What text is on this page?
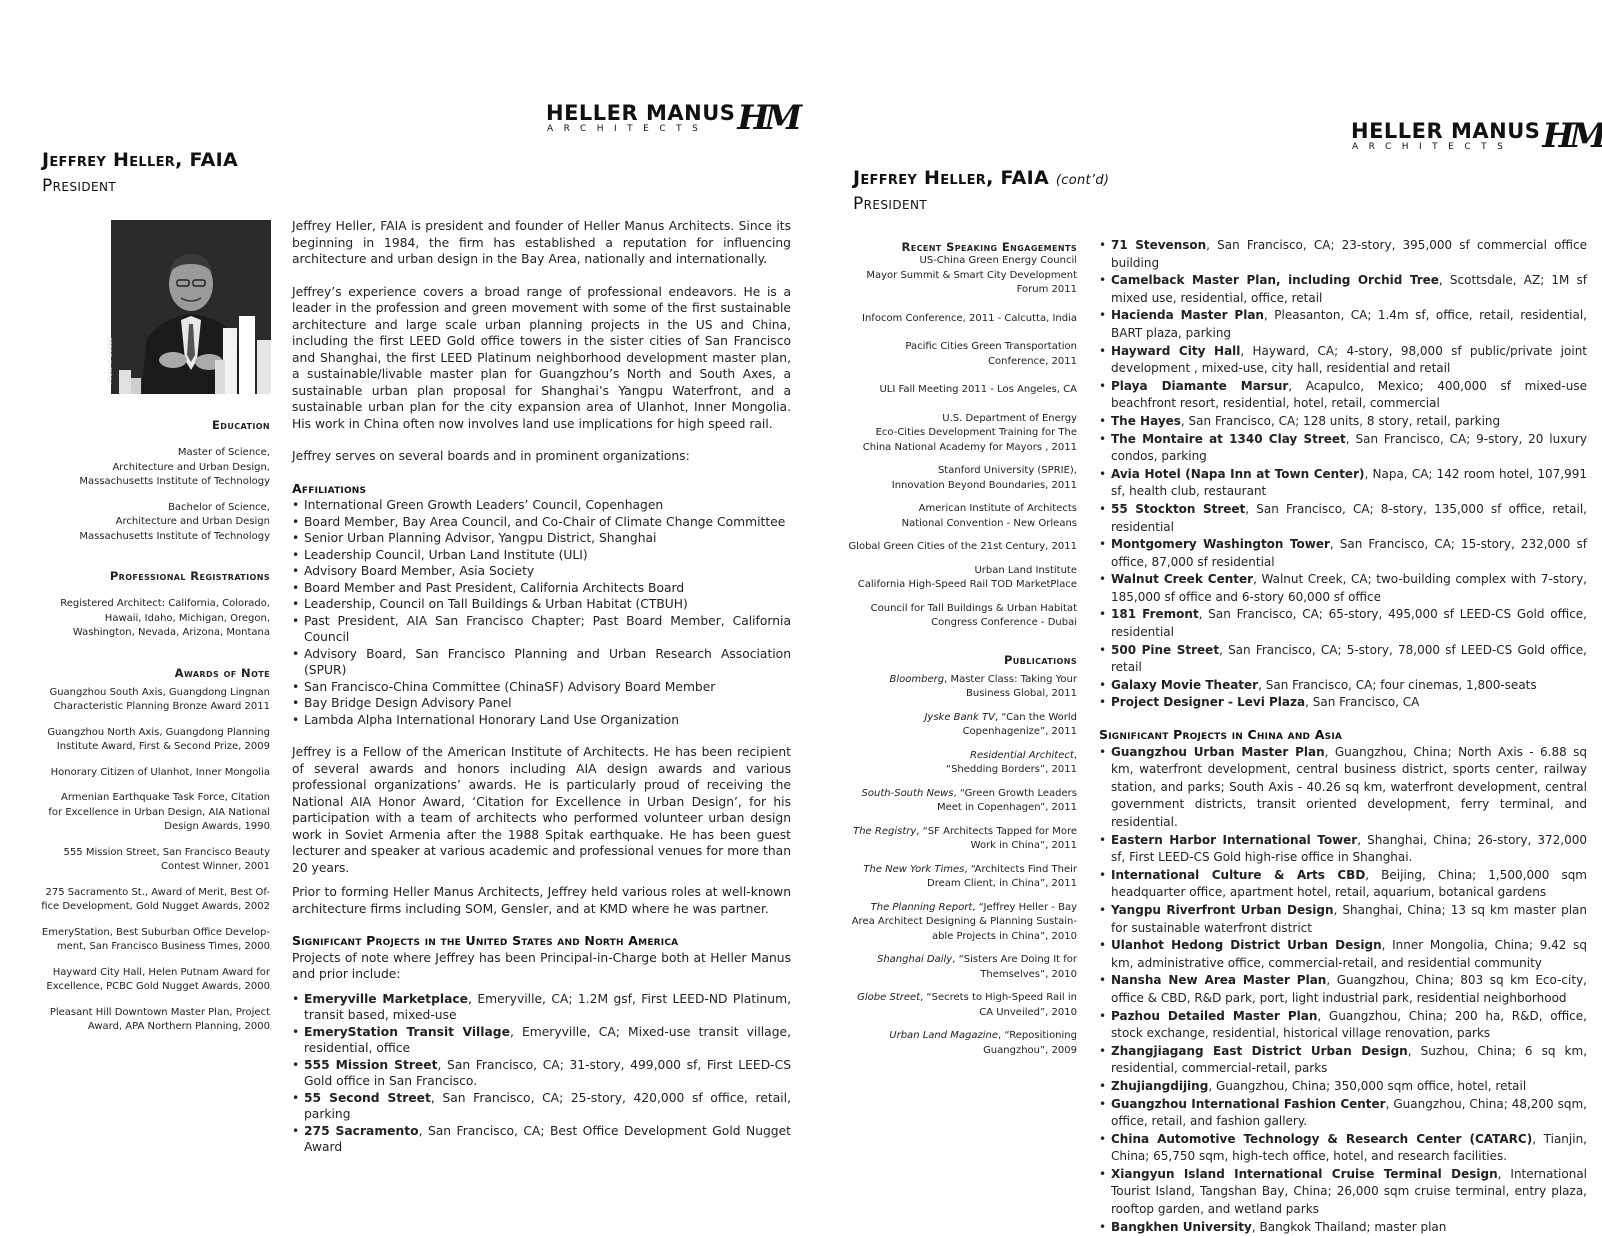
HELLER MANUS
ARCHITECTS HM
Jeffrey Heller, FAIA
President
Photo © Deddo
Education
Master of Science,
Architecture and Urban Design,
Massachusetts Institute of Technology
Bachelor of Science,
Architecture and Urban Design
Massachusetts Institute of Technology
Professional Registrations
Registered Architect: California, Colorado,
Hawaii, Idaho, Michigan, Oregon,
Washington, Nevada, Arizona, Montana
Awards of Note
Guangzhou South Axis, Guangdong Lingnan
Characteristic Planning Bronze Award 2011
Guangzhou North Axis, Guangdong Planning
Institute Award, First & Second Prize, 2009
Honorary Citizen of Ulanhot, Inner Mongolia
Armenian Earthquake Task Force, Citation
for Excellence in Urban Design, AIA National
Design Awards, 1990
555 Mission Street, San Francisco Beauty
Contest Winner, 2001
275 Sacramento St., Award of Merit, Best Of-
fice Development, Gold Nugget Awards, 2002
EmeryStation, Best Suburban Office Develop-
ment, San Francisco Business Times, 2000
Hayward City Hall, Helen Putnam Award for
Excellence, PCBC Gold Nugget Awards, 2000
Pleasant Hill Downtown Master Plan, Project
Award, APA Northern Planning, 2000

Jeffrey Heller, FAIA is president and founder of Heller Manus Architects. Since its beginning in 1984, the firm has established a reputation for influencing architecture and urban design in the Bay Area, nationally and internationally.

Jeffrey’s experience covers a broad range of professional endeavors. He is a leader in the profession and green movement with some of the first sustainable architecture and large scale urban planning projects in the US and China, including the first LEED Gold office towers in the sister cities of San Francisco and Shanghai, the first LEED Platinum neighborhood development master plan, a sustainable/livable master plan for Guangzhou’s North and South Axes, a sustainable urban plan proposal for Shanghai’s Yangpu Waterfront, and a sustainable urban plan for the city expansion area of Ulanhot, Inner Mongolia. His work in China often now involves land use implications for high speed rail.

Jeffrey serves on several boards and in prominent organizations:

Affiliations
• International Green Growth Leaders’ Council, Copenhagen
• Board Member, Bay Area Council, and Co-Chair of Climate Change Committee
• Senior Urban Planning Advisor, Yangpu District, Shanghai
• Leadership Council, Urban Land Institute (ULI)
• Advisory Board Member, Asia Society
• Board Member and Past President, California Architects Board
• Leadership, Council on Tall Buildings & Urban Habitat (CTBUH)
• Past President, AIA San Francisco Chapter; Past Board Member, California Council
• Advisory Board, San Francisco Planning and Urban Research Association (SPUR)
• San Francisco-China Committee (ChinaSF) Advisory Board Member
• Bay Bridge Design Advisory Panel
• Lambda Alpha International Honorary Land Use Organization

Jeffrey is a Fellow of the American Institute of Architects. He has been recipient of several awards and honors including AIA design awards and various professional organizations’ awards. He is particularly proud of receiving the National AIA Honor Award, ‘Citation for Excellence in Urban Design’, for his participation with a team of architects who performed volunteer urban design work in Soviet Armenia after the 1988 Spitak earthquake. He has been guest lecturer and speaker at various academic and professional venues for more than 20 years.

Prior to forming Heller Manus Architects, Jeffrey held various roles at well-known architecture firms including SOM, Gensler, and at KMD where he was partner.

Significant Projects in the United States and North America

Projects of note where Jeffrey has been Principal-in-Charge both at Heller Manus and prior include:

• Emeryville Marketplace, Emeryville, CA; 1.2M gsf, First LEED-ND Platinum, transit based, mixed-use
• EmeryStation Transit Village, Emeryville, CA; Mixed-use transit village, residential, office
• 555 Mission Street, San Francisco, CA; 31-story, 499,000 sf, First LEED-CS Gold office in San Francisco.
• 55 Second Street, San Francisco, CA; 25-story, 420,000 sf office, retail, parking
• 275 Sacramento, San Francisco, CA; Best Office Development Gold Nugget Award
HELLER MANUS
ARCHITECTS HM
Jeffrey Heller, FAIA (cont’d)
President
Recent Speaking Engagements
US-China Green Energy Council
Mayor Summit & Smart City Development
Forum 2011
Infocom Conference, 2011 - Calcutta, India
Pacific Cities Green Transportation
Conference, 2011
ULI Fall Meeting 2011 - Los Angeles, CA
U.S. Department of Energy
Eco-Cities Development Training for The
China National Academy for Mayors , 2011
Stanford University (SPRIE),
Innovation Beyond Boundaries, 2011
American Institute of Architects
National Convention - New Orleans
Global Green Cities of the 21st Century, 2011
Urban Land Institute
California High-Speed Rail TOD MarketPlace
Council for Tall Buildings & Urban Habitat
Congress Conference - Dubai
Publications
Bloomberg, Master Class: Taking Your
Business Global, 2011
Jyske Bank TV, “Can the World
Copenhagenize”, 2011
Residential Architect,
“Shedding Borders”, 2011
South-South News, “Green Growth Leaders
Meet in Copenhagen”, 2011
The Registry, “SF Architects Tapped for More
Work in China”, 2011
The New York Times, “Architects Find Their
Dream Client, in China”, 2011
The Planning Report, “Jeffrey Heller - Bay
Area Architect Designing & Planning Sustain-
able Projects in China”, 2010
Shanghai Daily, “Sisters Are Doing It for
Themselves”, 2010
Globe Street, “Secrets to High-Speed Rail in
CA Unveiled”, 2010
Urban Land Magazine, “Repositioning
Guangzhou”, 2009
• 71 Stevenson, San Francisco, CA; 23-story, 395,000 sf commercial office building
• Camelback Master Plan, including Orchid Tree, Scottsdale, AZ; 1M sf mixed use, residential, office, retail
• Hacienda Master Plan, Pleasanton, CA; 1.4m sf, office, retail, residential, BART plaza, parking
• Hayward City Hall, Hayward, CA; 4-story, 98,000 sf public/private joint development , mixed-use, city hall, residential and retail
• Playa Diamante Marsur, Acapulco, Mexico; 400,000 sf mixed-use beachfront resort, residential, hotel, retail, commercial
• The Hayes, San Francisco, CA; 128 units, 8 story, retail, parking
• The Montaire at 1340 Clay Street, San Francisco, CA; 9-story, 20 luxury condos, parking
• Avia Hotel (Napa Inn at Town Center), Napa, CA; 142 room hotel, 107,991 sf, health club, restaurant
• 55 Stockton Street, San Francisco, CA; 8-story, 135,000 sf office, retail, residential
• Montgomery Washington Tower, San Francisco, CA; 15-story, 232,000 sf office, 87,000 sf residential
• Walnut Creek Center, Walnut Creek, CA; two-building complex with 7-story, 185,000 sf office and 6-story 60,000 sf office
• 181 Fremont, San Francisco, CA; 65-story, 495,000 sf LEED-CS Gold office, residential
• 500 Pine Street, San Francisco, CA; 5-story, 78,000 sf LEED-CS Gold office, retail
• Galaxy Movie Theater, San Francisco, CA; four cinemas, 1,800-seats
• Project Designer - Levi Plaza, San Francisco, CA
Significant Projects in China and Asia
• Guangzhou Urban Master Plan, Guangzhou, China; North Axis - 6.88 sq km, waterfront development, central business district, sports center, railway station, and parks; South Axis - 40.26 sq km, waterfront development, central government districts, transit oriented development, ferry terminal, and residential.
• Eastern Harbor International Tower, Shanghai, China; 26-story, 372,000 sf, First LEED-CS Gold high-rise office in Shanghai.
• International Culture & Arts CBD, Beijing, China; 1,500,000 sqm headquarter office, apartment hotel, retail, aquarium, botanical gardens
• Yangpu Riverfront Urban Design, Shanghai, China; 13 sq km master plan for sustainable waterfront district
• Ulanhot Hedong District Urban Design, Inner Mongolia, China; 9.42 sq km, administrative office, commercial-retail, and residential community
• Nansha New Area Master Plan, Guangzhou, China; 803 sq km Eco-city, office & CBD, R&D park, port, light industrial park, residential neighborhood
• Pazhou Detailed Master Plan, Guangzhou, China; 200 ha, R&D, office, stock exchange, residential, historical village renovation, parks
• Zhangjiagang East District Urban Design, Suzhou, China; 6 sq km, residential, commercial-retail, parks
• Zhujiangdijing, Guangzhou, China; 350,000 sqm office, hotel, retail
• Guangzhou International Fashion Center, Guangzhou, China; 48,200 sqm, office, retail, and fashion gallery.
• China Automotive Technology & Research Center (CATARC), Tianjin, China; 65,750 sqm, high-tech office, hotel, and research facilities.
• Xiangyun Island International Cruise Terminal Design, International Tourist Island, Tangshan Bay, China; 26,000 sqm cruise terminal, entry plaza, rooftop garden, and wetland parks
• Bangkhen University, Bangkok Thailand; master plan
